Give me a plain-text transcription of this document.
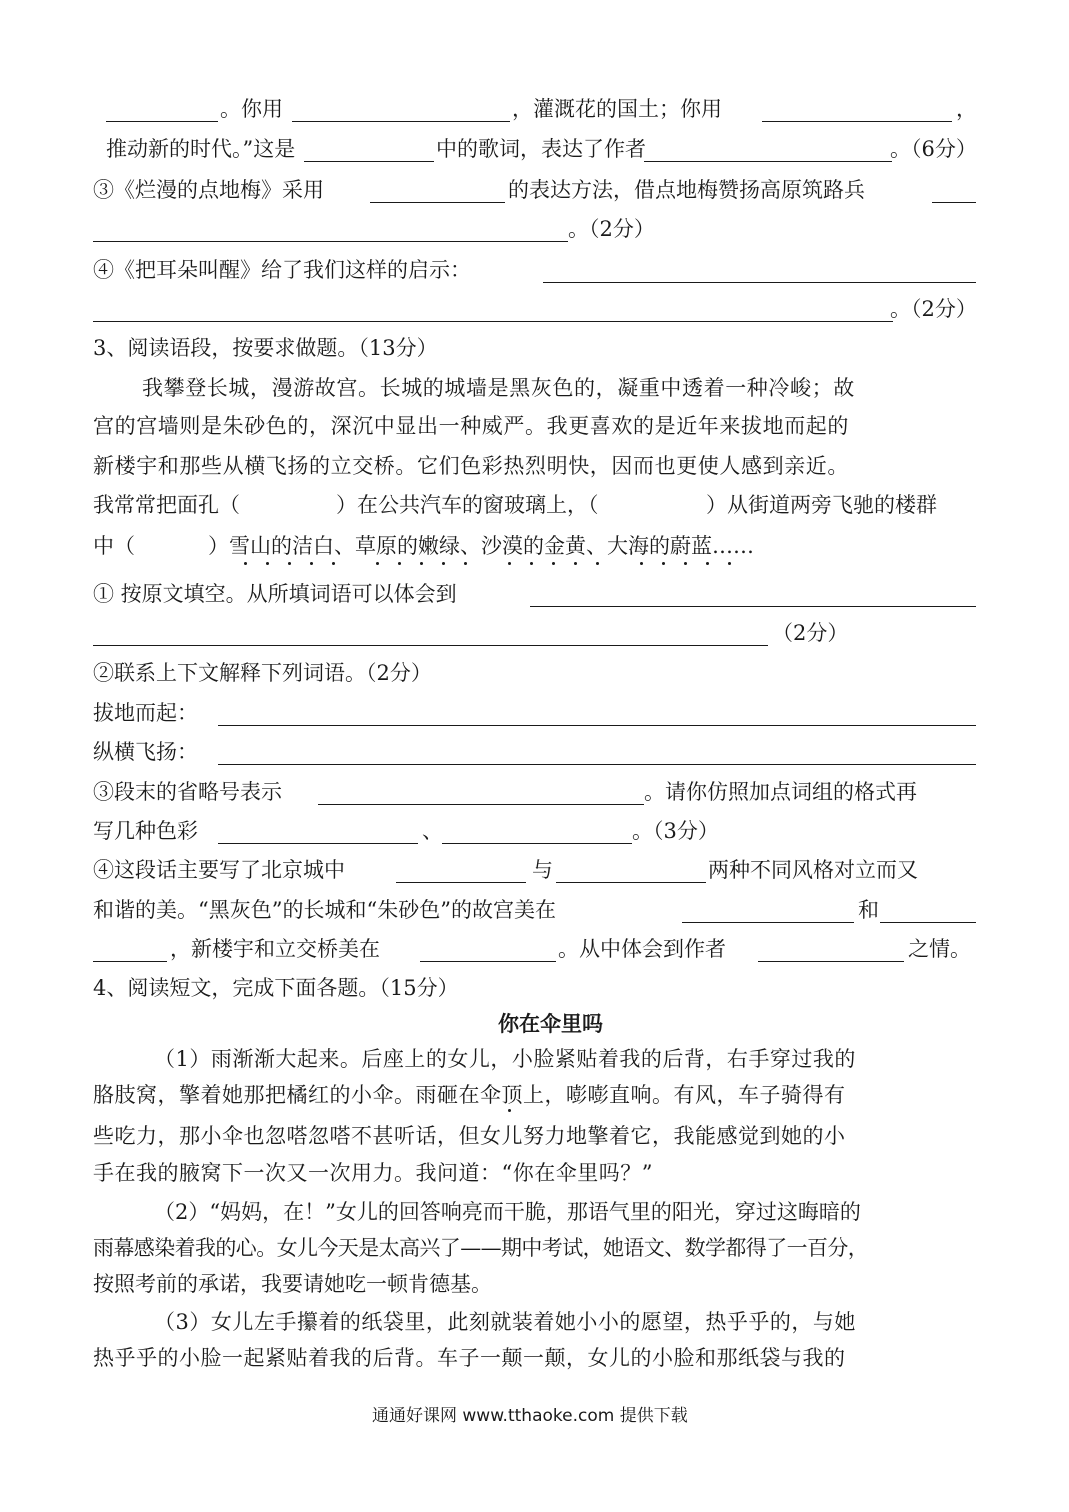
。你用	，灌溉花的国土；你用	，
推动新的时代。”这是	中的歌词，表达了作者	。（6分）
③《烂漫的点地梅》采用	的表达方法，借点地梅赞扬高原筑路兵
。（2分）
④《把耳朵叫醒》给了我们这样的启示：
。（2分）
3、阅读语段，按要求做题。（13分）
我攀登长城，漫游故宫。长城的城墙是黑灰色的，凝重中透着一种冷峻；故
宫的宫墙则是朱砂色的，深沉中显出一种威严。我更喜欢的是近年来拔地而起的
新楼宇和那些从横飞扬的立交桥。它们色彩热烈明快，因而也更使人感到亲近。
我常常把面孔（	）在公共汽车的窗玻璃上，（	）从街道两旁飞驰的楼群
中（	）雪山的洁白、草原的嫩绿、沙漠的金黄、大海的蔚蓝……
① 按原文填空。从所填词语可以体会到
（2分）
②联系上下文解释下列词语。（2分）
拔地而起：
纵横飞扬：
③段末的省略号表示	。请你仿照加点词组的格式再
写几种色彩	、	。（3分）
④这段话主要写了北京城中	与	两种不同风格对立而又
和谐的美。“黑灰色”的长城和“朱砂色”的故宫美在	和
，新楼宇和立交桥美在	。从中体会到作者	之情。
4、阅读短文，完成下面各题。（15分）
你在伞里吗
（1）雨渐渐大起来。后座上的女儿，小脸紧贴着我的后背，右手穿过我的
胳肢窝，擎着她那把橘红的小伞。雨砸在伞顶上，嘭嘭直响。有风，车子骑得有
些吃力，那小伞也忽嗒忽嗒不甚听话，但女儿努力地擎着它，我能感觉到她的小
手在我的腋窝下一次又一次用力。我问道：“你在伞里吗？”
（2）“妈妈，在！”女儿的回答响亮而干脆，那语气里的阳光，穿过这晦暗的
雨幕感染着我的心。女儿今天是太高兴了——期中考试，她语文、数学都得了一百分，
按照考前的承诺，我要请她吃一顿肯德基。
（3）女儿左手攥着的纸袋里，此刻就装着她小小的愿望，热乎乎的，与她
热乎乎的小脸一起紧贴着我的后背。车子一颠一颠，女儿的小脸和那纸袋与我的
通通好课网 www.tthaoke.com 提供下载
